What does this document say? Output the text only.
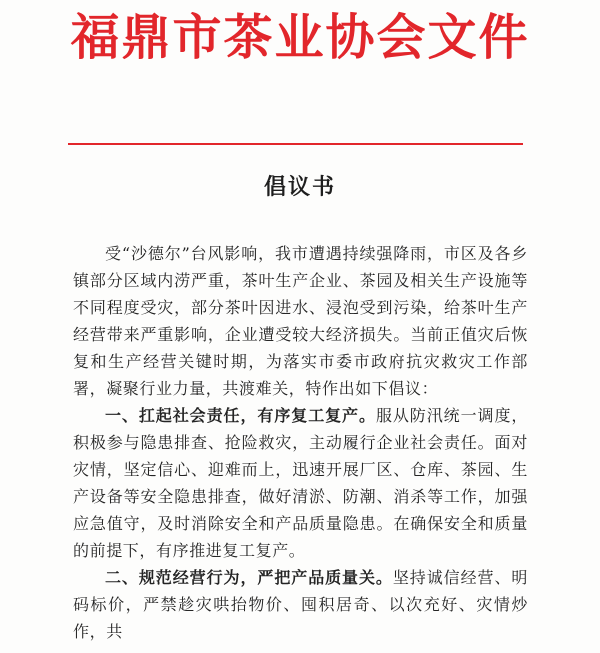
福鼎市茶业协会文件
倡议书

受“沙德尔”台风影响，我市遭遇持续强降雨，市区及各乡镇部分区域内涝严重，茶叶生产企业、茶园及相关生产设施等不同程度受灾，部分茶叶因进水、浸泡受到污染，给茶叶生产经营带来严重影响，企业遭受较大经济损失。当前正值灾后恢复和生产经营关键时期，为落实市委市政府抗灾救灾工作部署，凝聚行业力量，共渡难关，特作出如下倡议：

一、扛起社会责任，有序复工复产。服从防汛统一调度，积极参与隐患排查、抢险救灾，主动履行企业社会责任。面对灾情，坚定信心、迎难而上，迅速开展厂区、仓库、茶园、生产设备等安全隐患排查，做好清淤、防潮、消杀等工作，加强应急值守，及时消除安全和产品质量隐患。在确保安全和质量的前提下，有序推进复工复产。

二、规范经营行为，严把产品质量关。坚持诚信经营、明码标价，严禁趁灾哄抬物价、囤积居奇、以次充好、灾情炒作，共
